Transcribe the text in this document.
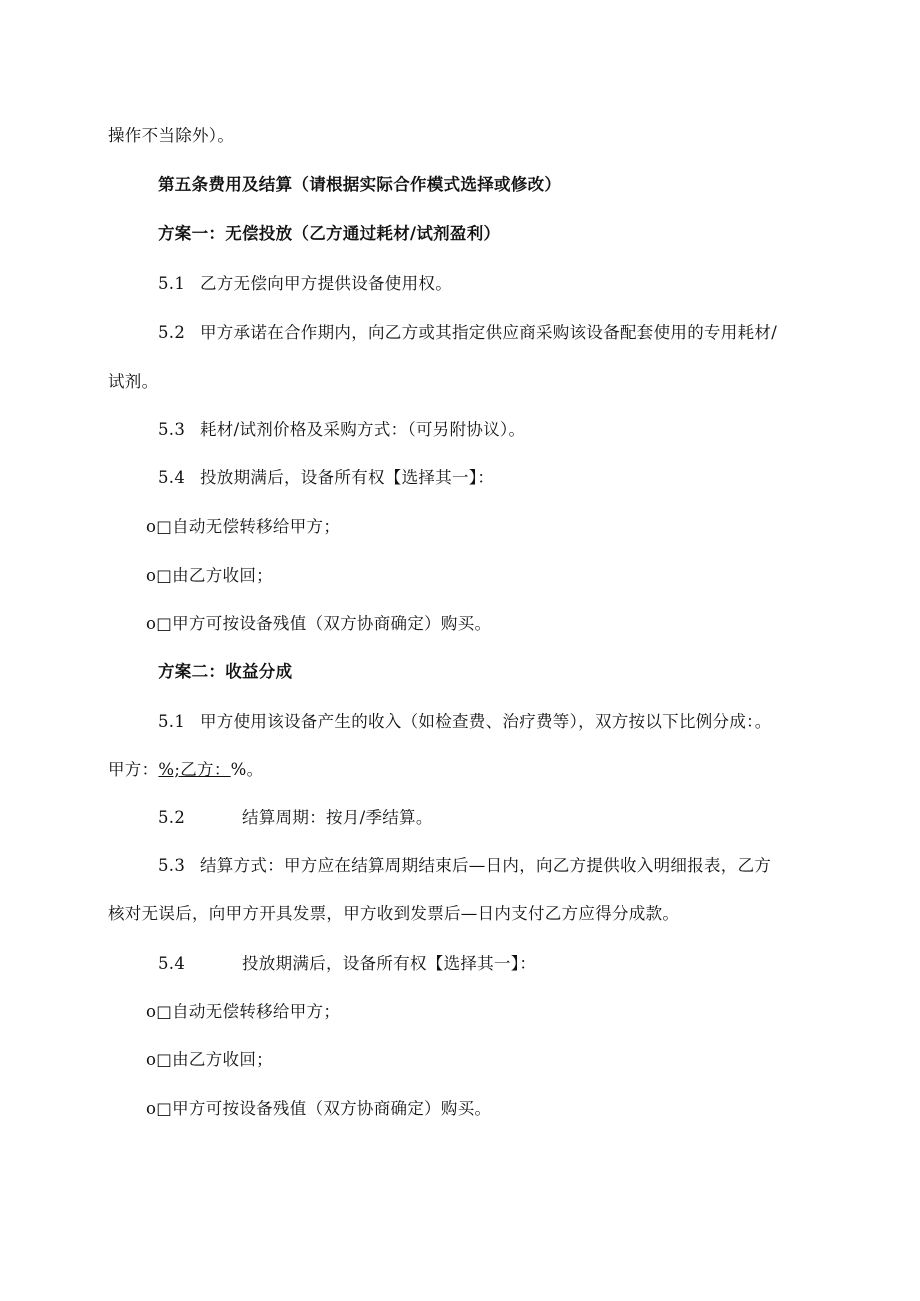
操作不当除外）。
第五条费用及结算（请根据实际合作模式选择或修改）
方案一：无偿投放（乙方通过耗材/试剂盈利）
5.1 乙方无偿向甲方提供设备使用权。
5.2 甲方承诺在合作期内，向乙方或其指定供应商采购该设备配套使用的专用耗材/
试剂。
5.3 耗材/试剂价格及采购方式：（可另附协议）。
5.4 投放期满后，设备所有权【选择其一】：
o□自动无偿转移给甲方；
o□由乙方收回；
o□甲方可按设备残值（双方协商确定）购买。
方案二：收益分成
5.1 甲方使用该设备产生的收入（如检查费、治疗费等），双方按以下比例分成：。
甲方：%;乙方：%。
5.2	结算周期：按月/季结算。
5.3 结算方式：甲方应在结算周期结束后—日内，向乙方提供收入明细报表，乙方
核对无误后，向甲方开具发票，甲方收到发票后—日内支付乙方应得分成款。
5.4	投放期满后，设备所有权【选择其一】：
o□自动无偿转移给甲方；
o□由乙方收回；
o□甲方可按设备残值（双方协商确定）购买。
